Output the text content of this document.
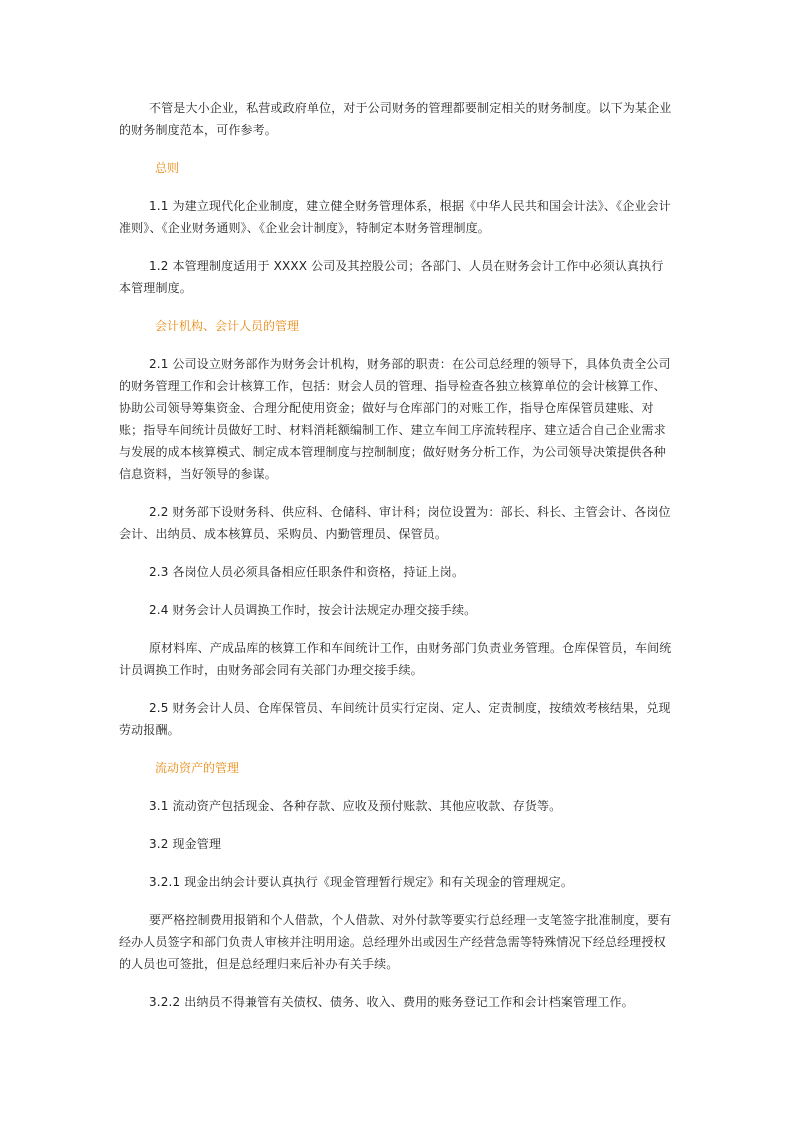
不管是大小企业，私营或政府单位，对于公司财务的管理都要制定相关的财务制度。以下为某企业的财务制度范本，可作参考。

总则

1.1 为建立现代化企业制度，建立健全财务管理体系，根据《中华人民共和国会计法》、《企业会计准则》、《企业财务通则》、《企业会计制度》，特制定本财务管理制度。

1.2 本管理制度适用于 XXXX 公司及其控股公司；各部门、人员在财务会计工作中必须认真执行本管理制度。

会计机构、会计人员的管理

2.1 公司设立财务部作为财务会计机构，财务部的职责：在公司总经理的领导下，具体负责全公司的财务管理工作和会计核算工作，包括：财会人员的管理、指导检查各独立核算单位的会计核算工作、协助公司领导筹集资金、合理分配使用资金；做好与仓库部门的对账工作，指导仓库保管员建账、对账；指导车间统计员做好工时、材料消耗额编制工作、建立车间工序流转程序、建立适合自己企业需求与发展的成本核算模式、制定成本管理制度与控制制度；做好财务分析工作，为公司领导决策提供各种信息资料，当好领导的参谋。

2.2 财务部下设财务科、供应科、仓储科、审计科；岗位设置为：部长、科长、主管会计、各岗位会计、出纳员、成本核算员、采购员、内勤管理员、保管员。

2.3 各岗位人员必须具备相应任职条件和资格，持证上岗。

2.4 财务会计人员调换工作时，按会计法规定办理交接手续。

原材料库、产成品库的核算工作和车间统计工作，由财务部门负责业务管理。仓库保管员，车间统计员调换工作时，由财务部会同有关部门办理交接手续。

2.5 财务会计人员、仓库保管员、车间统计员实行定岗、定人、定责制度，按绩效考核结果，兑现劳动报酬。

流动资产的管理

3.1 流动资产包括现金、各种存款、应收及预付账款、其他应收款、存货等。

3.2 现金管理

3.2.1 现金出纳会计要认真执行《现金管理暂行规定》和有关现金的管理规定。

要严格控制费用报销和个人借款，个人借款、对外付款等要实行总经理一支笔签字批准制度，要有经办人员签字和部门负责人审核并注明用途。总经理外出或因生产经营急需等特殊情况下经总经理授权的人员也可签批，但是总经理归来后补办有关手续。

3.2.2 出纳员不得兼管有关债权、债务、收入、费用的账务登记工作和会计档案管理工作。
